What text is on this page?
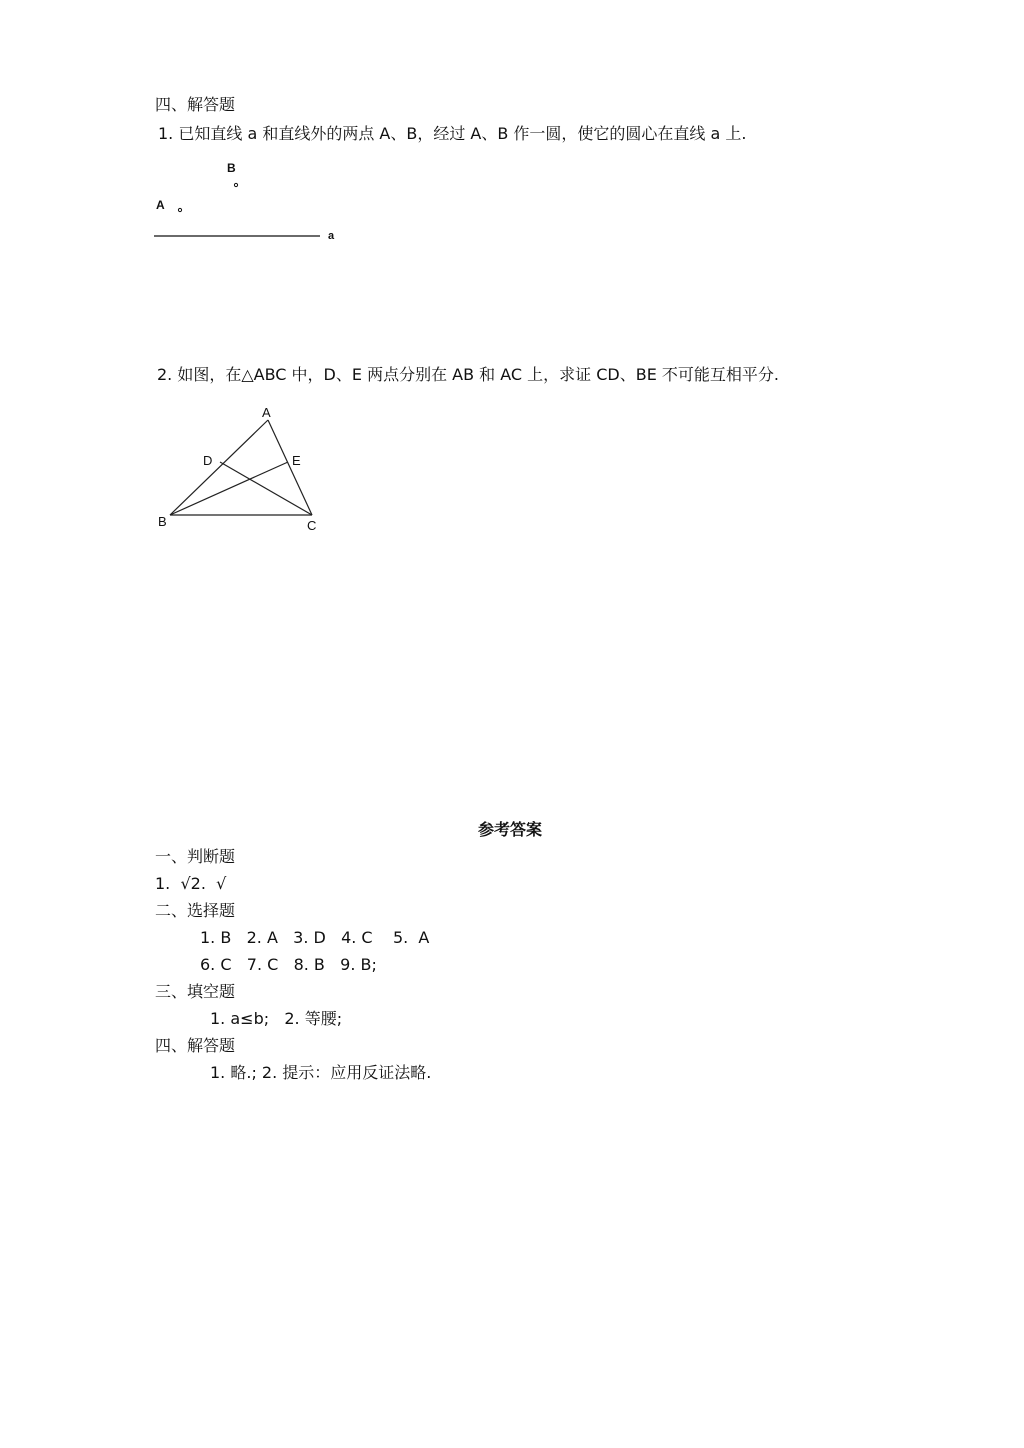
四、解答题
1. 已知直线 a 和直线外的两点 A、B，经过 A、B 作一圆，使它的圆心在直线 a 上.
B
A
a
2. 如图，在△ABC 中，D、E 两点分别在 AB 和 AC 上，求证 CD、BE 不可能互相平分.
A
B	C
D	E
参考答案
一、判断题
1.  √2.  √
二、选择题
1. B   2. A   3. D   4. C    5.  A
6. C   7. C   8. B   9. B;
三、填空题
1. a≤b;   2. 等腰;
四、解答题
1. 略.; 2. 提示：应用反证法略.
